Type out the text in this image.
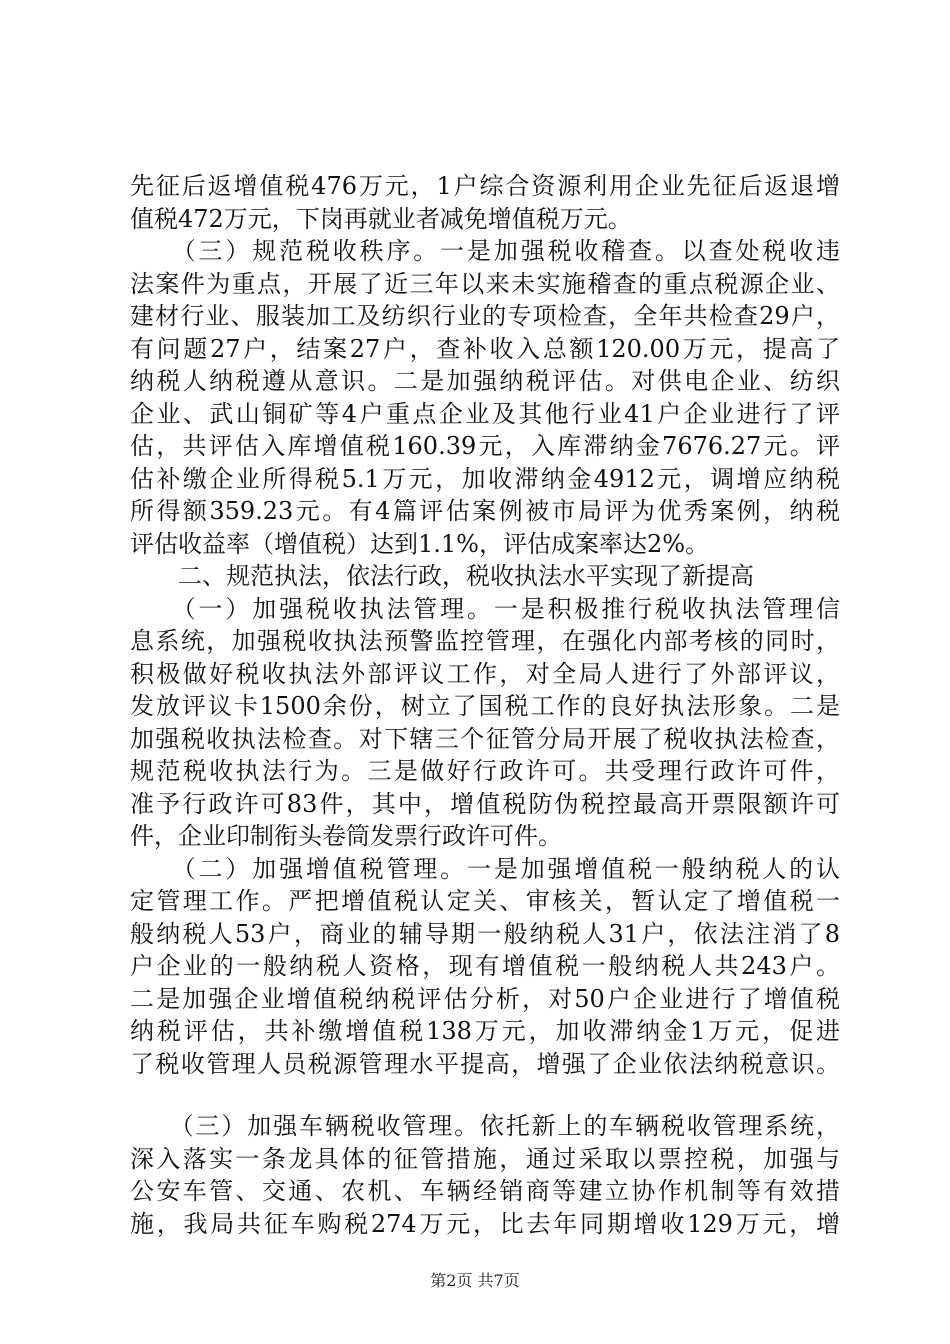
先征后返增值税476万元，1户综合资源利用企业先征后返退增
值税472万元，下岗再就业者减免增值税万元。
　　（三）规范税收秩序。一是加强税收稽查。以查处税收违
法案件为重点，开展了近三年以来未实施稽查的重点税源企业、
建材行业、服装加工及纺织行业的专项检查，全年共检查29户，
有问题27户，结案27户，查补收入总额120.00万元，提高了
纳税人纳税遵从意识。二是加强纳税评估。对供电企业、纺织
企业、武山铜矿等4户重点企业及其他行业41户企业进行了评
估，共评估入库增值税160.39元，入库滞纳金7676.27元。评
估补缴企业所得税5.1万元，加收滞纳金4912元，调增应纳税
所得额359.23元。有4篇评估案例被市局评为优秀案例，纳税
评估收益率（增值税）达到1.1%，评估成案率达2%。
　　二、规范执法，依法行政，税收执法水平实现了新提高
　　（一）加强税收执法管理。一是积极推行税收执法管理信
息系统，加强税收执法预警监控管理，在强化内部考核的同时，
积极做好税收执法外部评议工作，对全局人进行了外部评议，
发放评议卡1500余份，树立了国税工作的良好执法形象。二是
加强税收执法检查。对下辖三个征管分局开展了税收执法检查，
规范税收执法行为。三是做好行政许可。共受理行政许可件，
准予行政许可83件，其中，增值税防伪税控最高开票限额许可
件，企业印制衔头卷筒发票行政许可件。
　　（二）加强增值税管理。一是加强增值税一般纳税人的认
定管理工作。严把增值税认定关、审核关，暂认定了增值税一
般纳税人53户，商业的辅导期一般纳税人31户，依法注消了8
户企业的一般纳税人资格，现有增值税一般纳税人共243户。
二是加强企业增值税纳税评估分析，对50户企业进行了增值税
纳税评估，共补缴增值税138万元，加收滞纳金1万元，促进
了税收管理人员税源管理水平提高，增强了企业依法纳税意识。
　　（三）加强车辆税收管理。依托新上的车辆税收管理系统，
深入落实一条龙具体的征管措施，通过采取以票控税，加强与
公安车管、交通、农机、车辆经销商等建立协作机制等有效措
施，我局共征车购税274万元，比去年同期增收129万元，增
第2页 共7页
